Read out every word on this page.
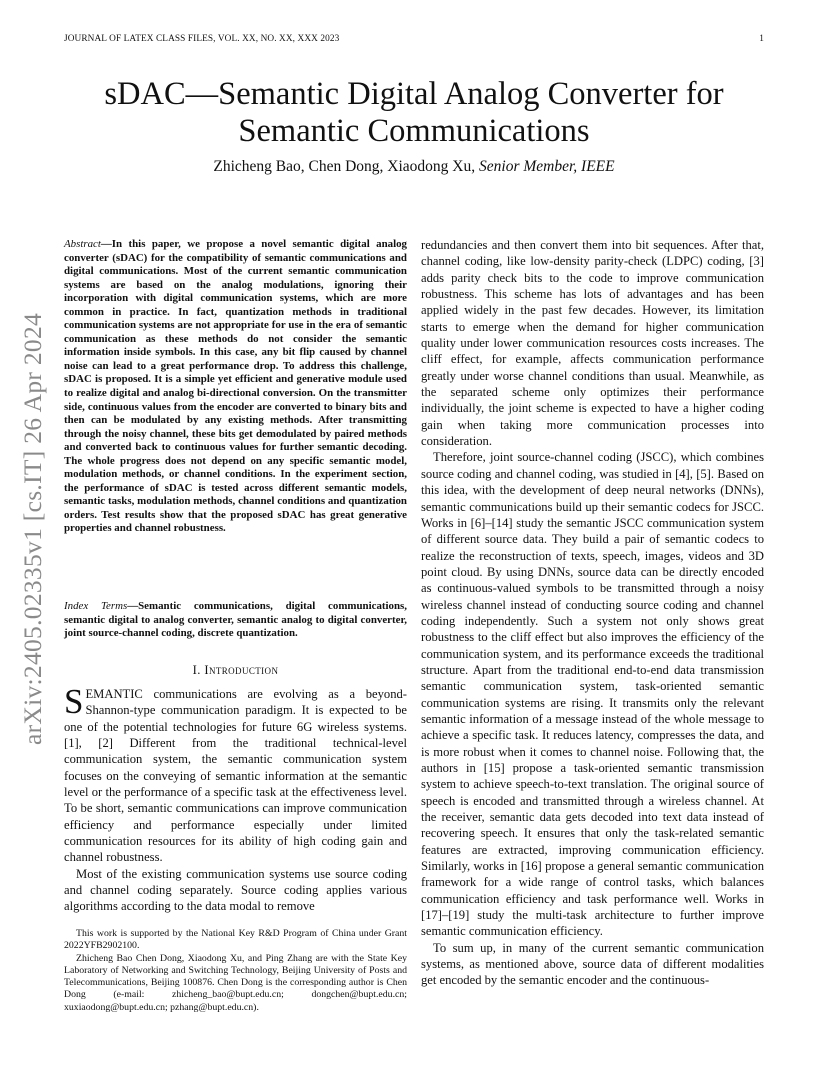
JOURNAL OF LATEX CLASS FILES, VOL. XX, NO. XX, XXX 2023	1
sDAC—Semantic Digital Analog Converter for Semantic Communications
Zhicheng Bao, Chen Dong, Xiaodong Xu, Senior Member, IEEE
arXiv:2405.02335v1 [cs.IT] 26 Apr 2024
Abstract—In this paper, we propose a novel semantic digital analog converter (sDAC) for the compatibility of semantic communications and digital communications. Most of the current semantic communication systems are based on the analog modulations, ignoring their incorporation with digital communication systems, which are more common in practice. In fact, quantization methods in traditional communication systems are not appropriate for use in the era of semantic communication as these methods do not consider the semantic information inside symbols. In this case, any bit flip caused by channel noise can lead to a great performance drop. To address this challenge, sDAC is proposed. It is a simple yet efficient and generative module used to realize digital and analog bi-directional conversion. On the transmitter side, continuous values from the encoder are converted to binary bits and then can be modulated by any existing methods. After transmitting through the noisy channel, these bits get demodulated by paired methods and converted back to continuous values for further semantic decoding. The whole progress does not depend on any specific semantic model, modulation methods, or channel conditions. In the experiment section, the performance of sDAC is tested across different semantic models, semantic tasks, modulation methods, channel conditions and quantization orders. Test results show that the proposed sDAC has great generative properties and channel robustness.
Index Terms—Semantic communications, digital communications, semantic digital to analog converter, semantic analog to digital converter, joint source-channel coding, discrete quantization.
I. Introduction

SEMANTIC communications are evolving as a beyond-Shannon-type communication paradigm. It is expected to be one of the potential technologies for future 6G wireless systems. [1], [2] Different from the traditional technical-level communication system, the semantic communication system focuses on the conveying of semantic information at the semantic level or the performance of a specific task at the effectiveness level. To be short, semantic communications can improve communication efficiency and performance especially under limited communication resources for its ability of high coding gain and channel robustness.

Most of the existing communication systems use source coding and channel coding separately. Source coding applies various algorithms according to the data modal to remove

This work is supported by the National Key R&D Program of China under Grant 2022YFB2902100.

Zhicheng Bao Chen Dong, Xiaodong Xu, and Ping Zhang are with the State Key Laboratory of Networking and Switching Technology, Beijing University of Posts and Telecommunications, Beijing 100876. Chen Dong is the corresponding author is Chen Dong (e-mail: zhicheng_bao@bupt.edu.cn; dongchen@bupt.edu.cn; xuxiaodong@bupt.edu.cn; pzhang@bupt.edu.cn).

redundancies and then convert them into bit sequences. After that, channel coding, like low-density parity-check (LDPC) coding, [3] adds parity check bits to the code to improve communication robustness. This scheme has lots of advantages and has been applied widely in the past few decades. However, its limitation starts to emerge when the demand for higher communication quality under lower communication resources costs increases. The cliff effect, for example, affects communication performance greatly under worse channel conditions than usual. Meanwhile, as the separated scheme only optimizes their performance individually, the joint scheme is expected to have a higher coding gain when taking more communication processes into consideration.

Therefore, joint source-channel coding (JSCC), which combines source coding and channel coding, was studied in [4], [5]. Based on this idea, with the development of deep neural networks (DNNs), semantic communications build up their semantic codecs for JSCC. Works in [6]–[14] study the semantic JSCC communication system of different source data. They build a pair of semantic codecs to realize the reconstruction of texts, speech, images, videos and 3D point cloud. By using DNNs, source data can be directly encoded as continuous-valued symbols to be transmitted through a noisy wireless channel instead of conducting source coding and channel coding independently. Such a system not only shows great robustness to the cliff effect but also improves the efficiency of the communication system, and its performance exceeds the traditional structure. Apart from the traditional end-to-end data transmission semantic communication system, task-oriented semantic communication systems are rising. It transmits only the relevant semantic information of a message instead of the whole message to achieve a specific task. It reduces latency, compresses the data, and is more robust when it comes to channel noise. Following that, the authors in [15] propose a task-oriented semantic transmission system to achieve speech-to-text translation. The original source of speech is encoded and transmitted through a wireless channel. At the receiver, semantic data gets decoded into text data instead of recovering speech. It ensures that only the task-related semantic features are extracted, improving communication efficiency. Similarly, works in [16] propose a general semantic communication framework for a wide range of control tasks, which balances communication efficiency and task performance well. Works in [17]–[19] study the multi-task architecture to further improve semantic communication efficiency.

To sum up, in many of the current semantic communication systems, as mentioned above, source data of different modalities get encoded by the semantic encoder and the continuous-
